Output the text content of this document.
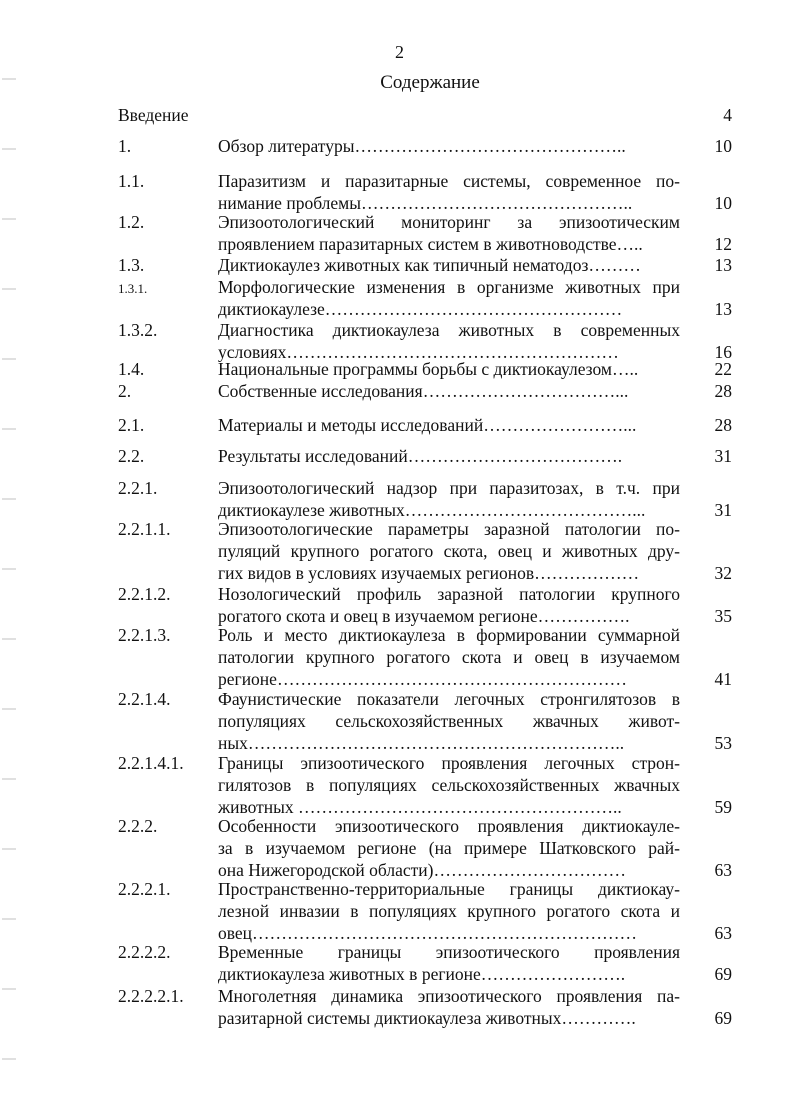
2
Содержание
Введение	4
1.	Обзор литературы………………………………………..	10
1.1.	Паразитизм и паразитарные системы, современное по-
нимание проблемы………………………………………..	10
1.2.	Эпизоотологический мониторинг за эпизоотическим
проявлением паразитарных систем в животноводстве…..	12
1.3.	Диктиокаулез животных как типичный нематодоз………	13
1.3.1.	Морфологические изменения в организме животных при
диктиокаулезе……………………………………………	13
1.3.2.	Диагностика диктиокаулеза животных в современных
условиях…………………………………………………	16
1.4.	Национальные программы борьбы с диктиокаулезом…..	22
2.	Собственные исследования……………………………...	28
2.1.	Материалы и методы исследований……………………...	28
2.2.	Результаты исследований……………………………….	31
2.2.1.	Эпизоотологический надзор при паразитозах, в т.ч. при
диктиокаулезе животных…………………………………...	31
2.2.1.1.	Эпизоотологические параметры заразной патологии по-
пуляций крупного рогатого скота, овец и животных дру-
гих видов в условиях изучаемых регионов………………	32
2.2.1.2.	Нозологический профиль заразной патологии крупного
рогатого скота и овец в изучаемом регионе…………….	35
2.2.1.3.	Роль и место диктиокаулеза в формировании суммарной
патологии крупного рогатого скота и овец в изучаемом
регионе……………………………………………………	41
2.2.1.4.	Фаунистические показатели легочных стронгилятозов в
популяциях сельскохозяйственных жвачных живот-
ных………………………………………………………..	53
2.2.1.4.1. Границы эпизоотического проявления легочных строн-
гилятозов в популяциях сельскохозяйственных жвачных
животных ………………………………………………..	59
2.2.2.	Особенности эпизоотического проявления диктиокауле-
за в изучаемом регионе (на примере Шатковского рай-
она Нижегородской области)……………………………	63
2.2.2.1.	Пространственно-территориальные границы диктиокау-
лезной инвазии в популяциях крупного рогатого скота и
овец…………………………………………………………	63
2.2.2.2.	Временные границы эпизоотического проявления
диктиокаулеза животных в регионе…………………….	69
2.2.2.2.1. Многолетняя динамика эпизоотического проявления па-
разитарной системы диктиокаулеза животных………….	69
